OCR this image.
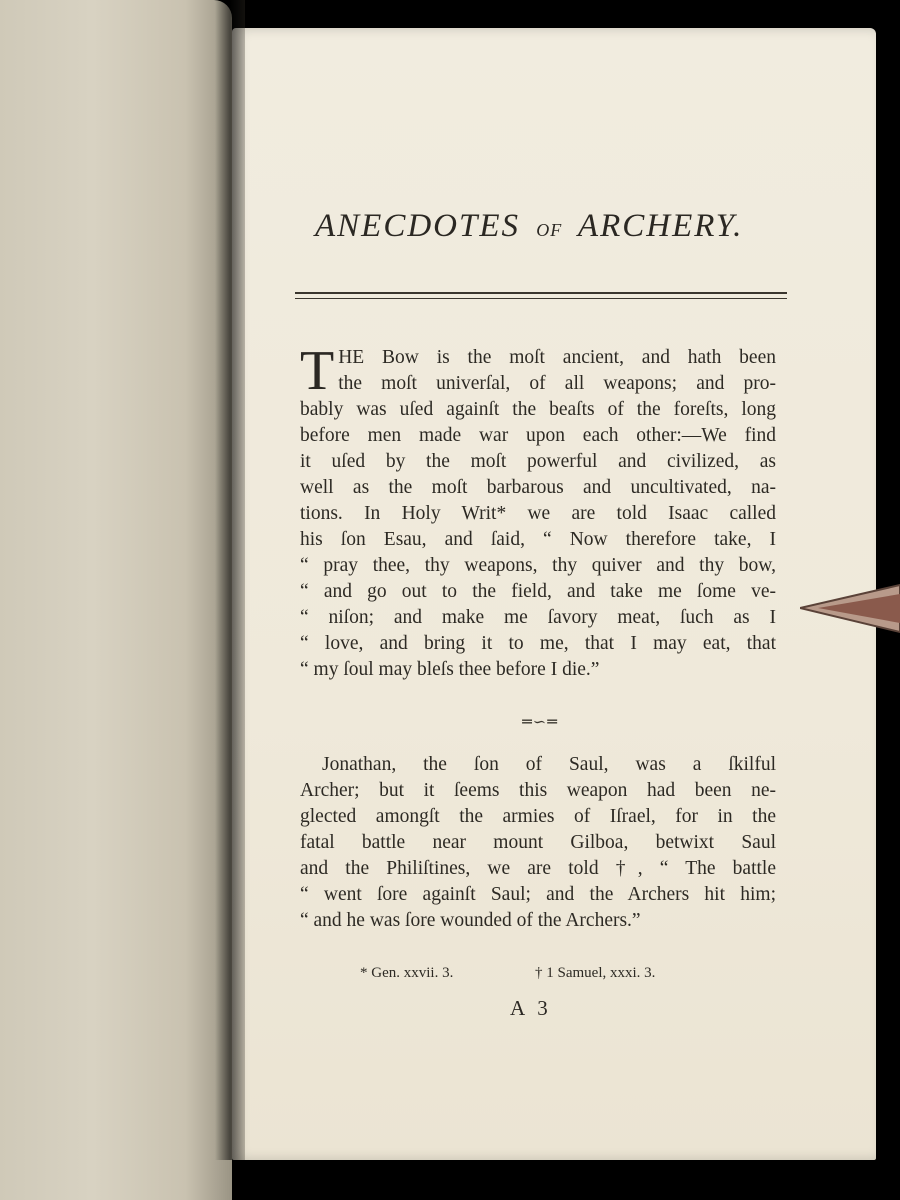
ANECDOTES OF ARCHERY.
T HE Bow is the moſt ancient, and hath been
the moſt univerſal, of all weapons; and pro-
bably was uſed againſt the beaſts of the foreſts, long
before men made war upon each other:—We find
it uſed by the moſt powerful and civilized, as
well as the moſt barbarous and uncultivated, na-
tions. In Holy Writ* we are told Isaac called
his ſon Esau, and ſaid, “ Now therefore take, I
“ pray thee, thy weapons, thy quiver and thy bow,
“ and go out to the field, and take me ſome ve-
“ niſon; and make me ſavory meat, ſuch as I
“ love, and bring it to me, that I may eat, that
“ my ſoul may bleſs thee before I die.”
═∽═
Jonathan, the ſon of Saul, was a ſkilful
Archer; but it ſeems this weapon had been ne-
glected amongſt the armies of Iſrael, for in the
fatal battle near mount Gilboa, betwixt Saul
and the Philiſtines, we are told †, “ The battle
“ went ſore againſt Saul; and the Archers hit him;
“ and he was ſore wounded of the Archers.”
* Gen. xxvii. 3.	† 1 Samuel, xxxi. 3.
A 3
